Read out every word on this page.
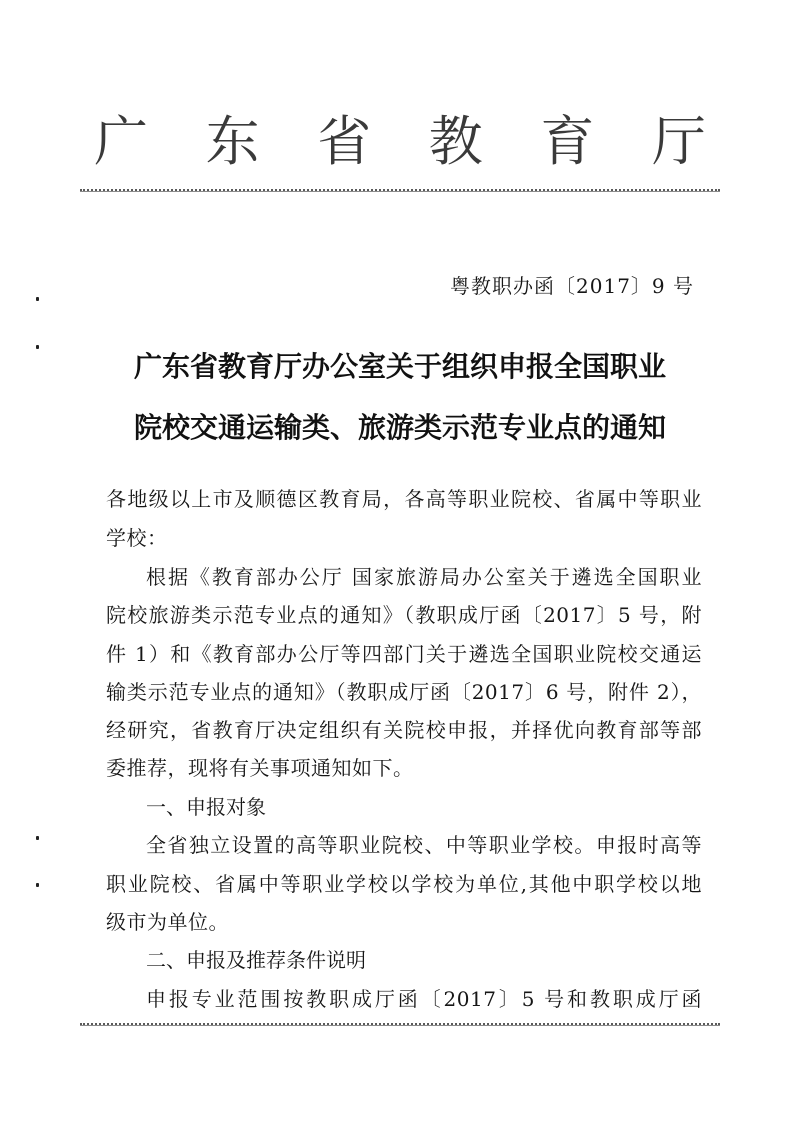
广 东 省 教 育 厅
粤教职办函〔2017〕9 号
广东省教育厅办公室关于组织申报全国职业
院校交通运输类、旅游类示范专业点的通知
各地级以上市及顺德区教育局，各高等职业院校、省属中等职业
学校：
根据《教育部办公厅 国家旅游局办公室关于遴选全国职业
院校旅游类示范专业点的通知》（教职成厅函〔2017〕5 号，附
件 1）和《教育部办公厅等四部门关于遴选全国职业院校交通运
输类示范专业点的通知》（教职成厅函〔2017〕6 号，附件 2），
经研究，省教育厅决定组织有关院校申报，并择优向教育部等部
委推荐，现将有关事项通知如下。
一、申报对象
全省独立设置的高等职业院校、中等职业学校。申报时高等
职业院校、省属中等职业学校以学校为单位,其他中职学校以地
级市为单位。
二、申报及推荐条件说明
申报专业范围按教职成厅函〔2017〕5 号和教职成厅函
